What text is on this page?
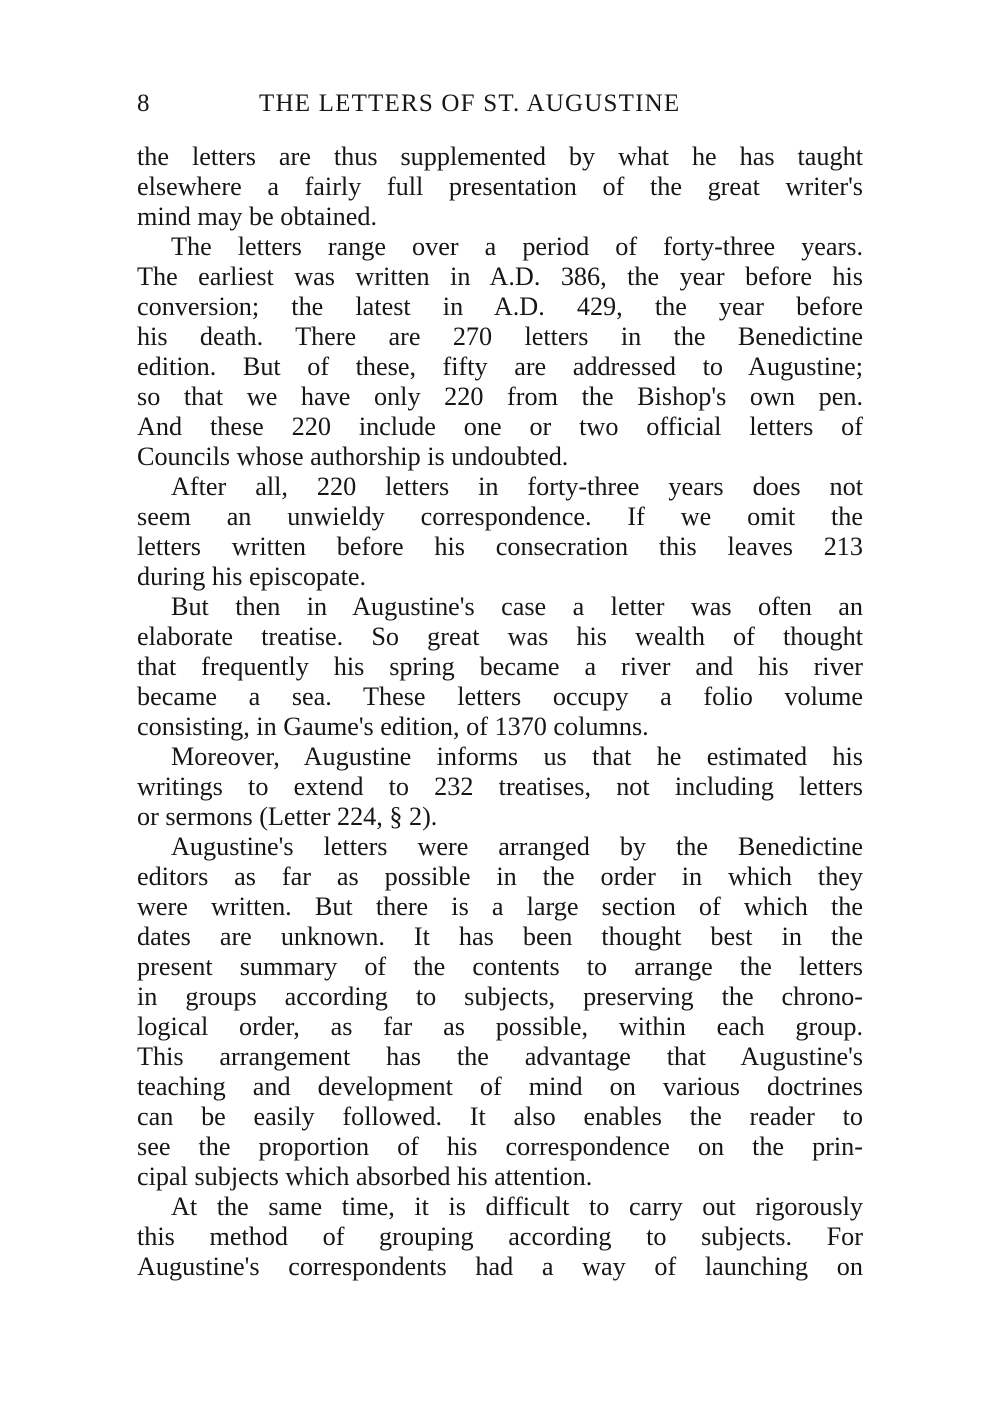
8	THE LETTERS OF ST. AUGUSTINE
the letters are thus supplemented by what he has taught
elsewhere a fairly full presentation of the great writer's
mind may be obtained.
The letters range over a period of forty-three years.
The earliest was written in A.D. 386, the year before his
conversion; the latest in A.D. 429, the year before
his death. There are 270 letters in the Benedictine
edition. But of these, fifty are addressed to Augustine;
so that we have only 220 from the Bishop's own pen.
And these 220 include one or two official letters of
Councils whose authorship is undoubted.
After all, 220 letters in forty-three years does not
seem an unwieldy correspondence. If we omit the
letters written before his consecration this leaves 213
during his episcopate.
But then in Augustine's case a letter was often an
elaborate treatise. So great was his wealth of thought
that frequently his spring became a river and his river
became a sea. These letters occupy a folio volume
consisting, in Gaume's edition, of 1370 columns.
Moreover, Augustine informs us that he estimated his
writings to extend to 232 treatises, not including letters
or sermons (Letter 224, § 2).
Augustine's letters were arranged by the Benedictine
editors as far as possible in the order in which they
were written. But there is a large section of which the
dates are unknown. It has been thought best in the
present summary of the contents to arrange the letters
in groups according to subjects, preserving the chrono-
logical order, as far as possible, within each group.
This arrangement has the advantage that Augustine's
teaching and development of mind on various doctrines
can be easily followed. It also enables the reader to
see the proportion of his correspondence on the prin-
cipal subjects which absorbed his attention.
At the same time, it is difficult to carry out rigorously
this method of grouping according to subjects. For
Augustine's correspondents had a way of launching on
